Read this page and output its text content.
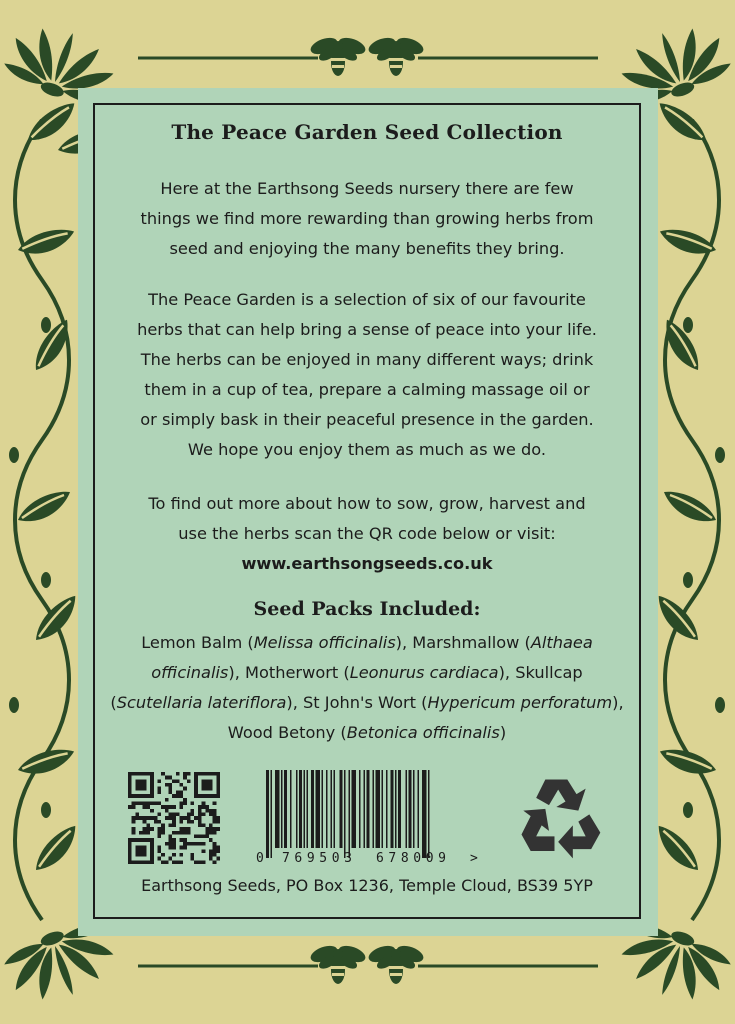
The Peace Garden Seed Collection

Here at the Earthsong Seeds nursery there are few
things we find more rewarding than growing herbs from
seed and enjoying the many benefits they bring.

The Peace Garden is a selection of six of our favourite
herbs that can help bring a sense of peace into your life.
The herbs can be enjoyed in many different ways; drink
them in a cup of tea, prepare a calming massage oil or
or simply bask in their peaceful presence in the garden.
We hope you enjoy them as much as we do.

To find out more about how to sow, grow, harvest and
use the herbs scan the QR code below or visit:

www.earthsongseeds.co.uk

Seed Packs Included:

Lemon Balm (Melissa officinalis), Marshmallow (Althaea officinalis), Motherwort (Leonurus cardiaca), Skullcap (Scutellaria lateriflora), St John's Wort (Hypericum perforatum), Wood Betony (Betonica officinalis)

0 769503 678009 >

Earthsong Seeds, PO Box 1236, Temple Cloud, BS39 5YP
